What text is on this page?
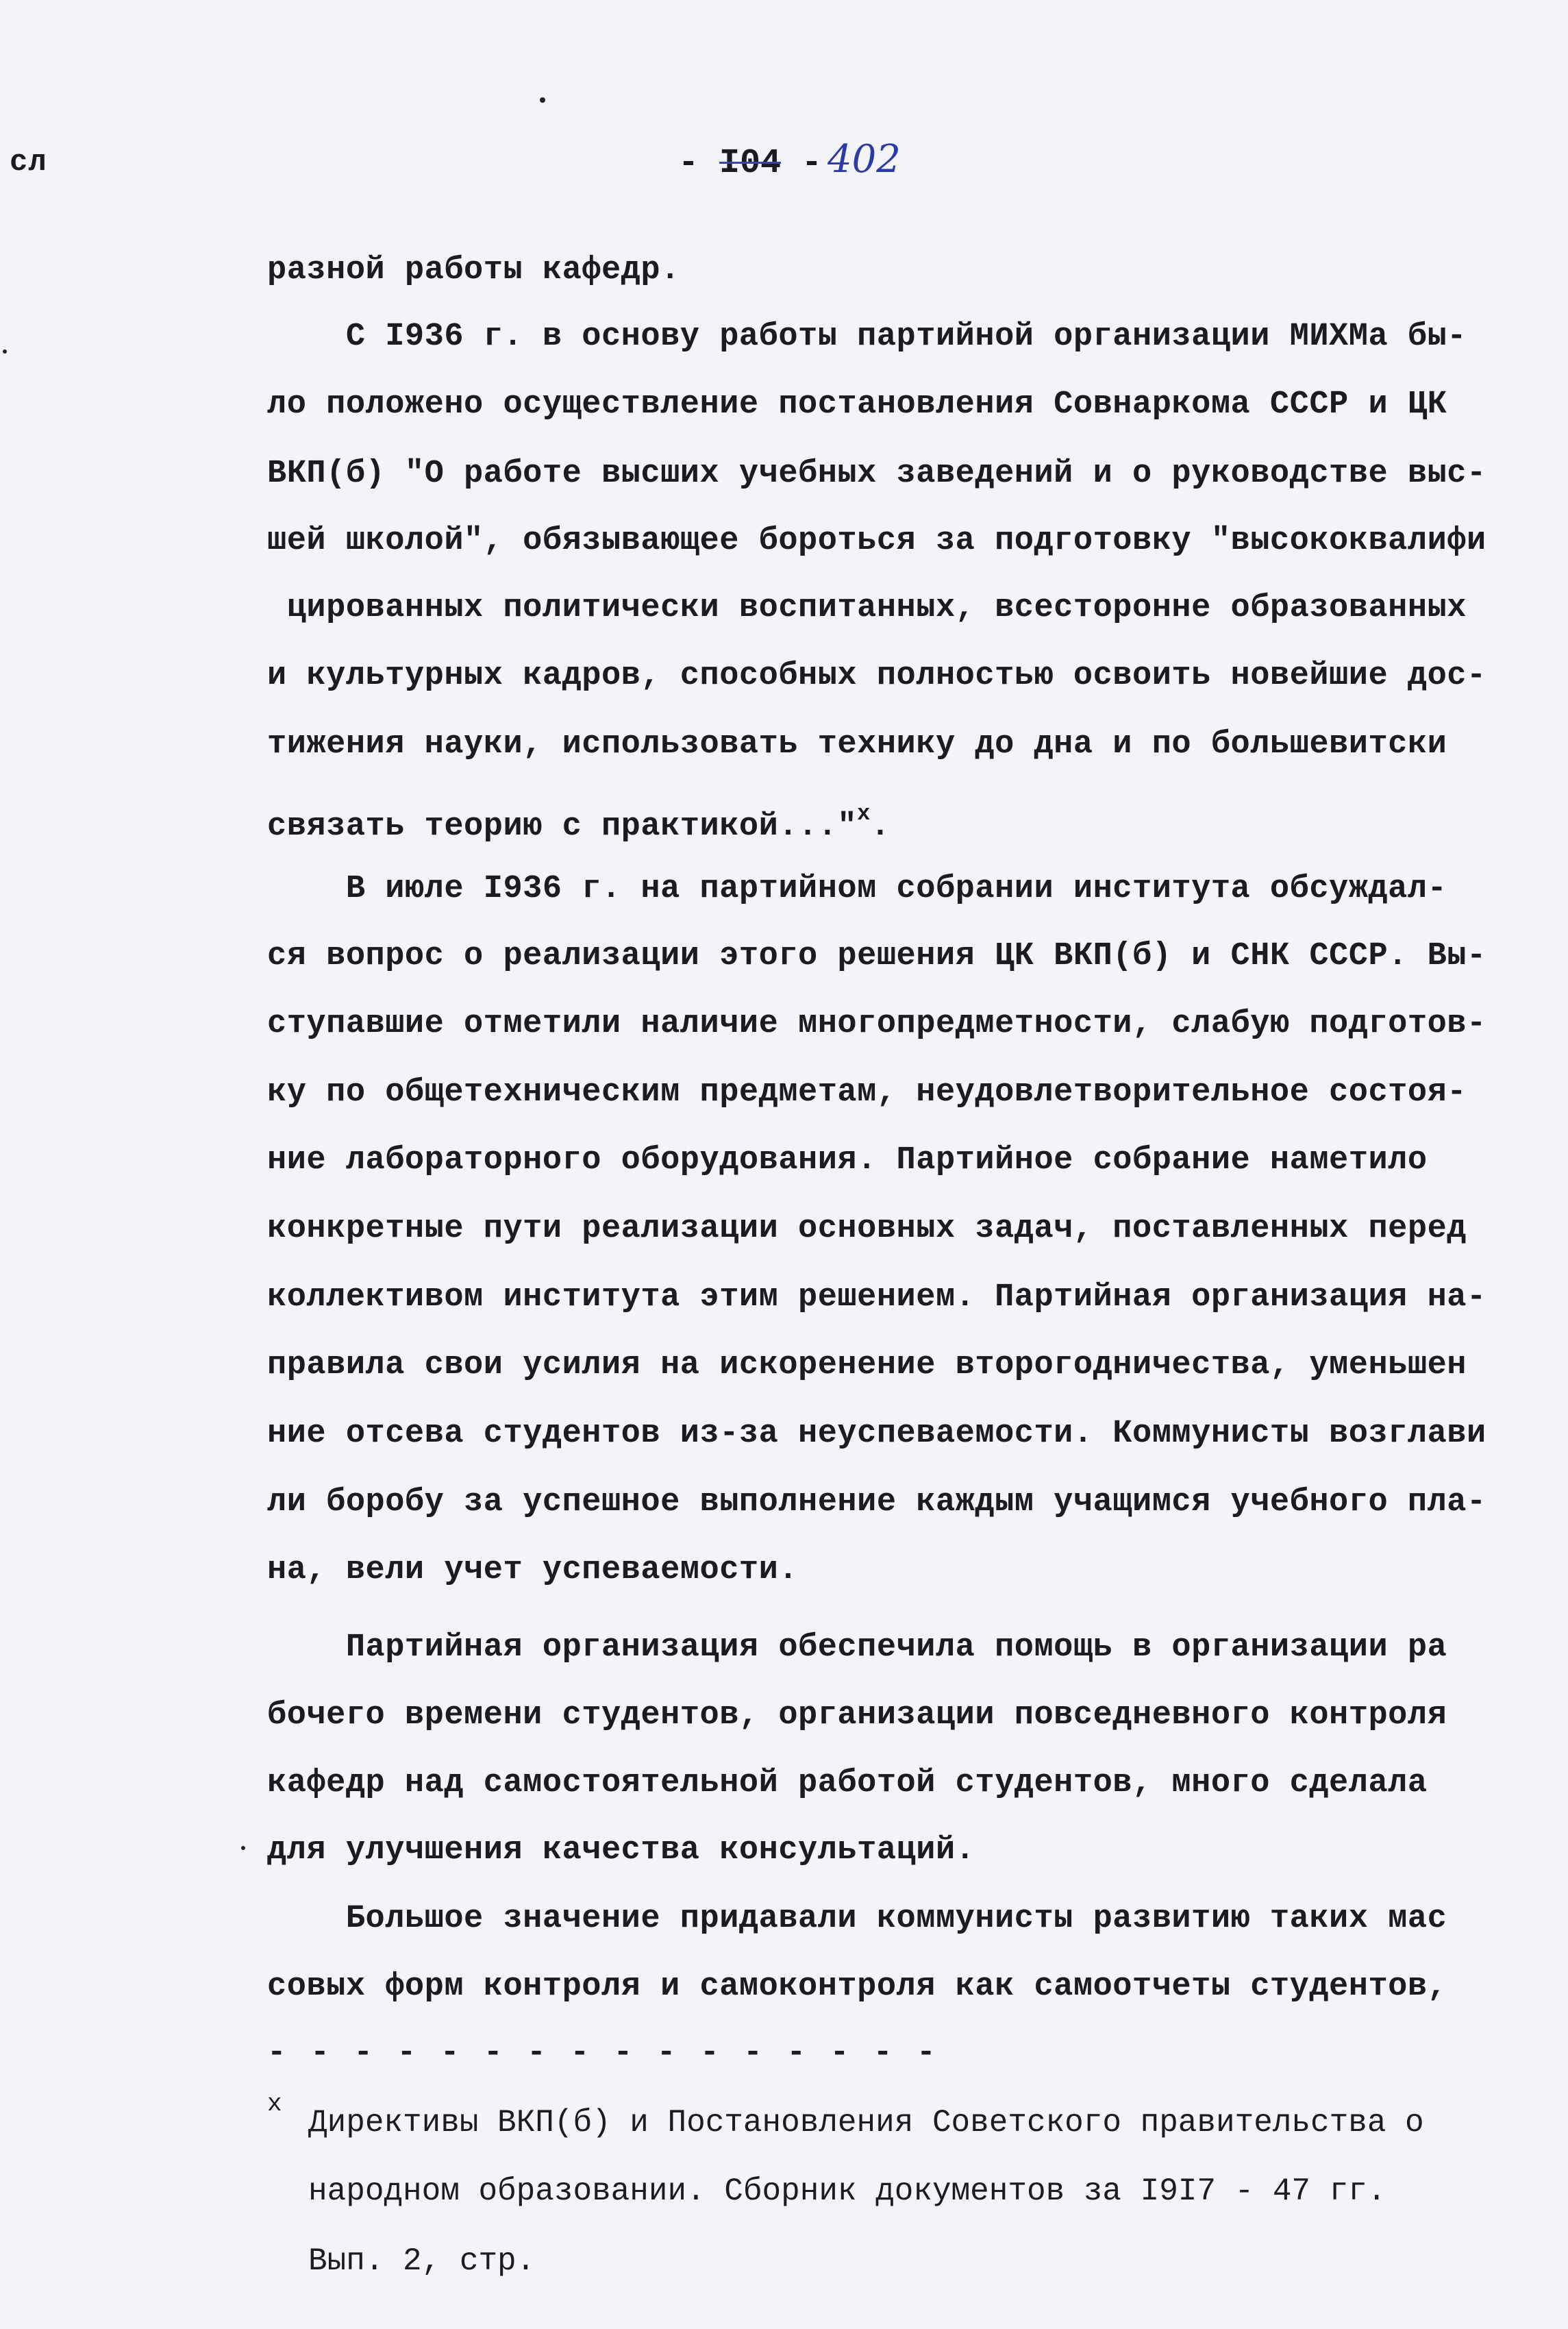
сл	- I04 - 402
разной работы кафедр.
С I936 г. в основу работы партийной организации МИХМа бы-
ло положено осуществление постановления Совнаркома СССР и ЦК
ВКП(б) "О работе высших учебных заведений и о руководстве выс-
шей школой", обязывающее бороться за подготовку "высококвалифи
цированных политически воспитанных, всесторонне образованных
и культурных кадров, способных полностью освоить новейшие дос-
тижения науки, использовать технику до дна и по большевитски
связать теорию с практикой..."$^x$.
В июле I936 г. на партийном собрании института обсуждал-
ся вопрос о реализации этого решения ЦК ВКП(б) и СНК СССР. Вы-
ступавшие отметили наличие многопредметности, слабую подготов-
ку по общетехническим предметам, неудовлетворительное состоя-
ние лабораторного оборудования. Партийное собрание наметило
конкретные пути реализации основных задач, поставленных перед
коллективом института этим решением. Партийная организация на-
правила свои усилия на искоренение второгодничества, уменьшен
ние отсева студентов из-за неуспеваемости. Коммунисты возглави
ли боробу за успешное выполнение каждым учащимся учебного пла-
на, вели учет успеваемости.
Партийная организация обеспечила помощь в организации ра
бочего времени студентов, организации повседневного контроля
кафедр над самостоятельной работой студентов, много сделала
для улучшения качества консультаций.
Большое значение придавали коммунисты развитию таких мас
совых форм контроля и самоконтроля как самоотчеты студентов,
- - - - - - - - - - - - - - - -
x
Директивы ВКП(б) и Постановления Советского правительства о
народном образовании. Сборник документов за I9I7 - 47 гг.
Вып. 2, стр.
